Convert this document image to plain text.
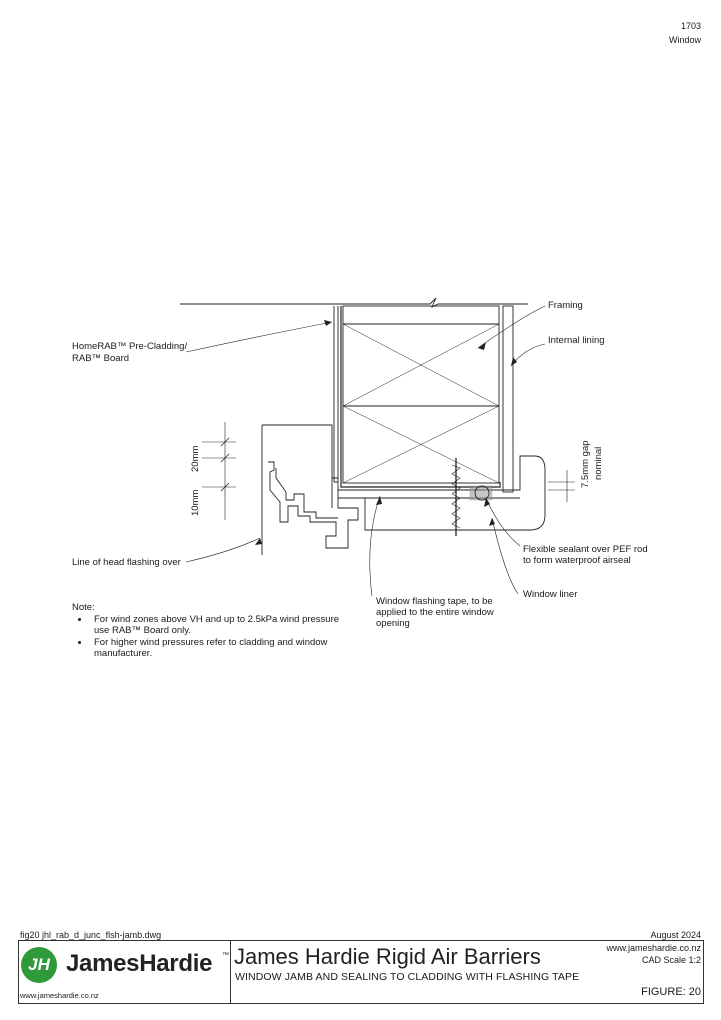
1703
Window
Framing
Internal lining
HomeRAB™ Pre-Cladding/
RAB™ Board
7.5mm gap nominal
20mm
10mm
Line of head flashing over
Flexible sealant over PEF rod
to form waterproof airseal
Window liner
Window flashing tape, to be
applied to the entire window
opening
Note:
• For wind zones above VH and up to 2.5kPa wind pressure use RAB™ Board only.
• For higher wind pressures refer to cladding and window manufacturer.
fig20 jhl_rab_d_junc_flsh-jamb.dwg	August 2024
JH JamesHardie ™
www.jameshardie.co.nz
James Hardie Rigid Air Barriers
WINDOW JAMB AND SEALING TO CLADDING WITH FLASHING TAPE
www.jameshardie.co.nz
CAD Scale 1:2
FIGURE: 20
